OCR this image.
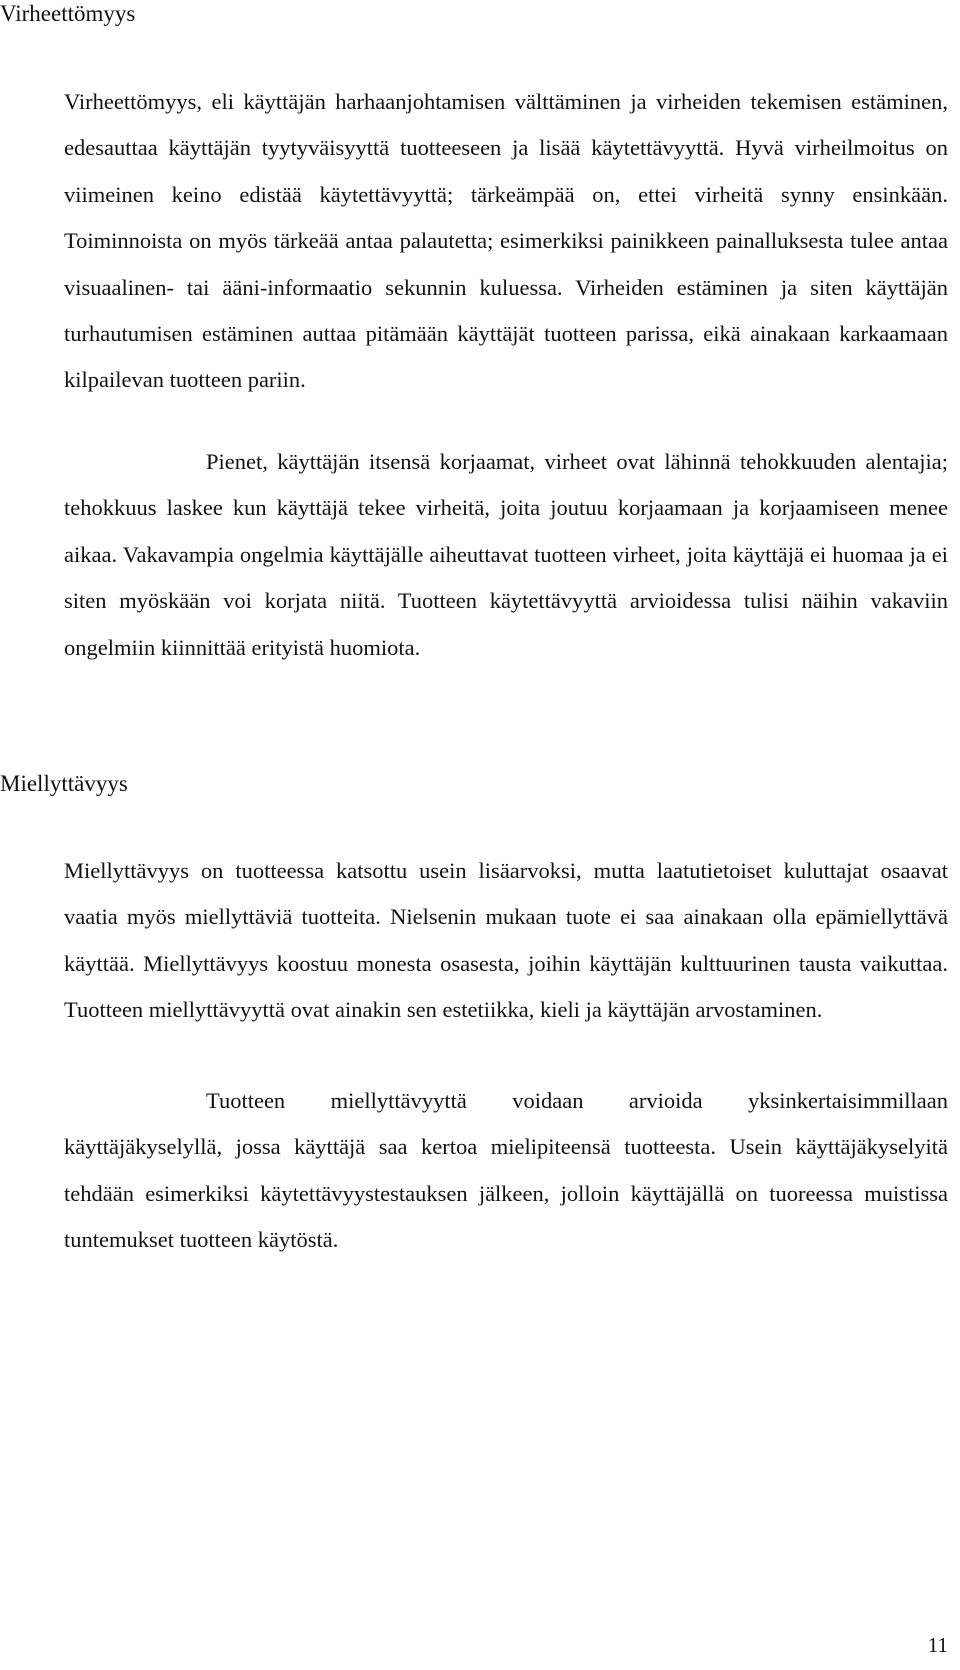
Virheettömyys

Virheettömyys, eli käyttäjän harhaanjohtamisen välttäminen ja virheiden tekemisen estäminen, edesauttaa käyttäjän tyytyväisyyttä tuotteeseen ja lisää käytettävyyttä. Hyvä virheilmoitus on viimeinen keino edistää käytettävyyttä; tärkeämpää on, ettei virheitä synny ensinkään. Toiminnoista on myös tärkeää antaa palautetta; esimerkiksi painikkeen painalluksesta tulee antaa visuaalinen- tai ääni-informaatio sekunnin kuluessa. Virheiden estäminen ja siten käyttäjän turhautumisen estäminen auttaa pitämään käyttäjät tuotteen parissa, eikä ainakaan karkaamaan kilpailevan tuotteen pariin.

Pienet, käyttäjän itsensä korjaamat, virheet ovat lähinnä tehokkuuden alentajia; tehokkuus laskee kun käyttäjä tekee virheitä, joita joutuu korjaamaan ja korjaamiseen menee aikaa. Vakavampia ongelmia käyttäjälle aiheuttavat tuotteen virheet, joita käyttäjä ei huomaa ja ei siten myöskään voi korjata niitä. Tuotteen käytettävyyttä arvioidessa tulisi näihin vakaviin ongelmiin kiinnittää erityistä huomiota.

Miellyttävyys

Miellyttävyys on tuotteessa katsottu usein lisäarvoksi, mutta laatutietoiset kuluttajat osaavat vaatia myös miellyttäviä tuotteita. Nielsenin mukaan tuote ei saa ainakaan olla epämiellyttävä käyttää. Miellyttävyys koostuu monesta osasesta, joihin käyttäjän kulttuurinen tausta vaikuttaa. Tuotteen miellyttävyyttä ovat ainakin sen estetiikka, kieli ja käyttäjän arvostaminen.

Tuotteen miellyttävyyttä voidaan arvioida yksinkertaisimmillaan käyttäjäkyselyllä, jossa käyttäjä saa kertoa mielipiteensä tuotteesta. Usein käyttäjäkyselyitä tehdään esimerkiksi käytettävyystestauksen jälkeen, jolloin käyttäjällä on tuoreessa muistissa tuntemukset tuotteen käytöstä.

11
